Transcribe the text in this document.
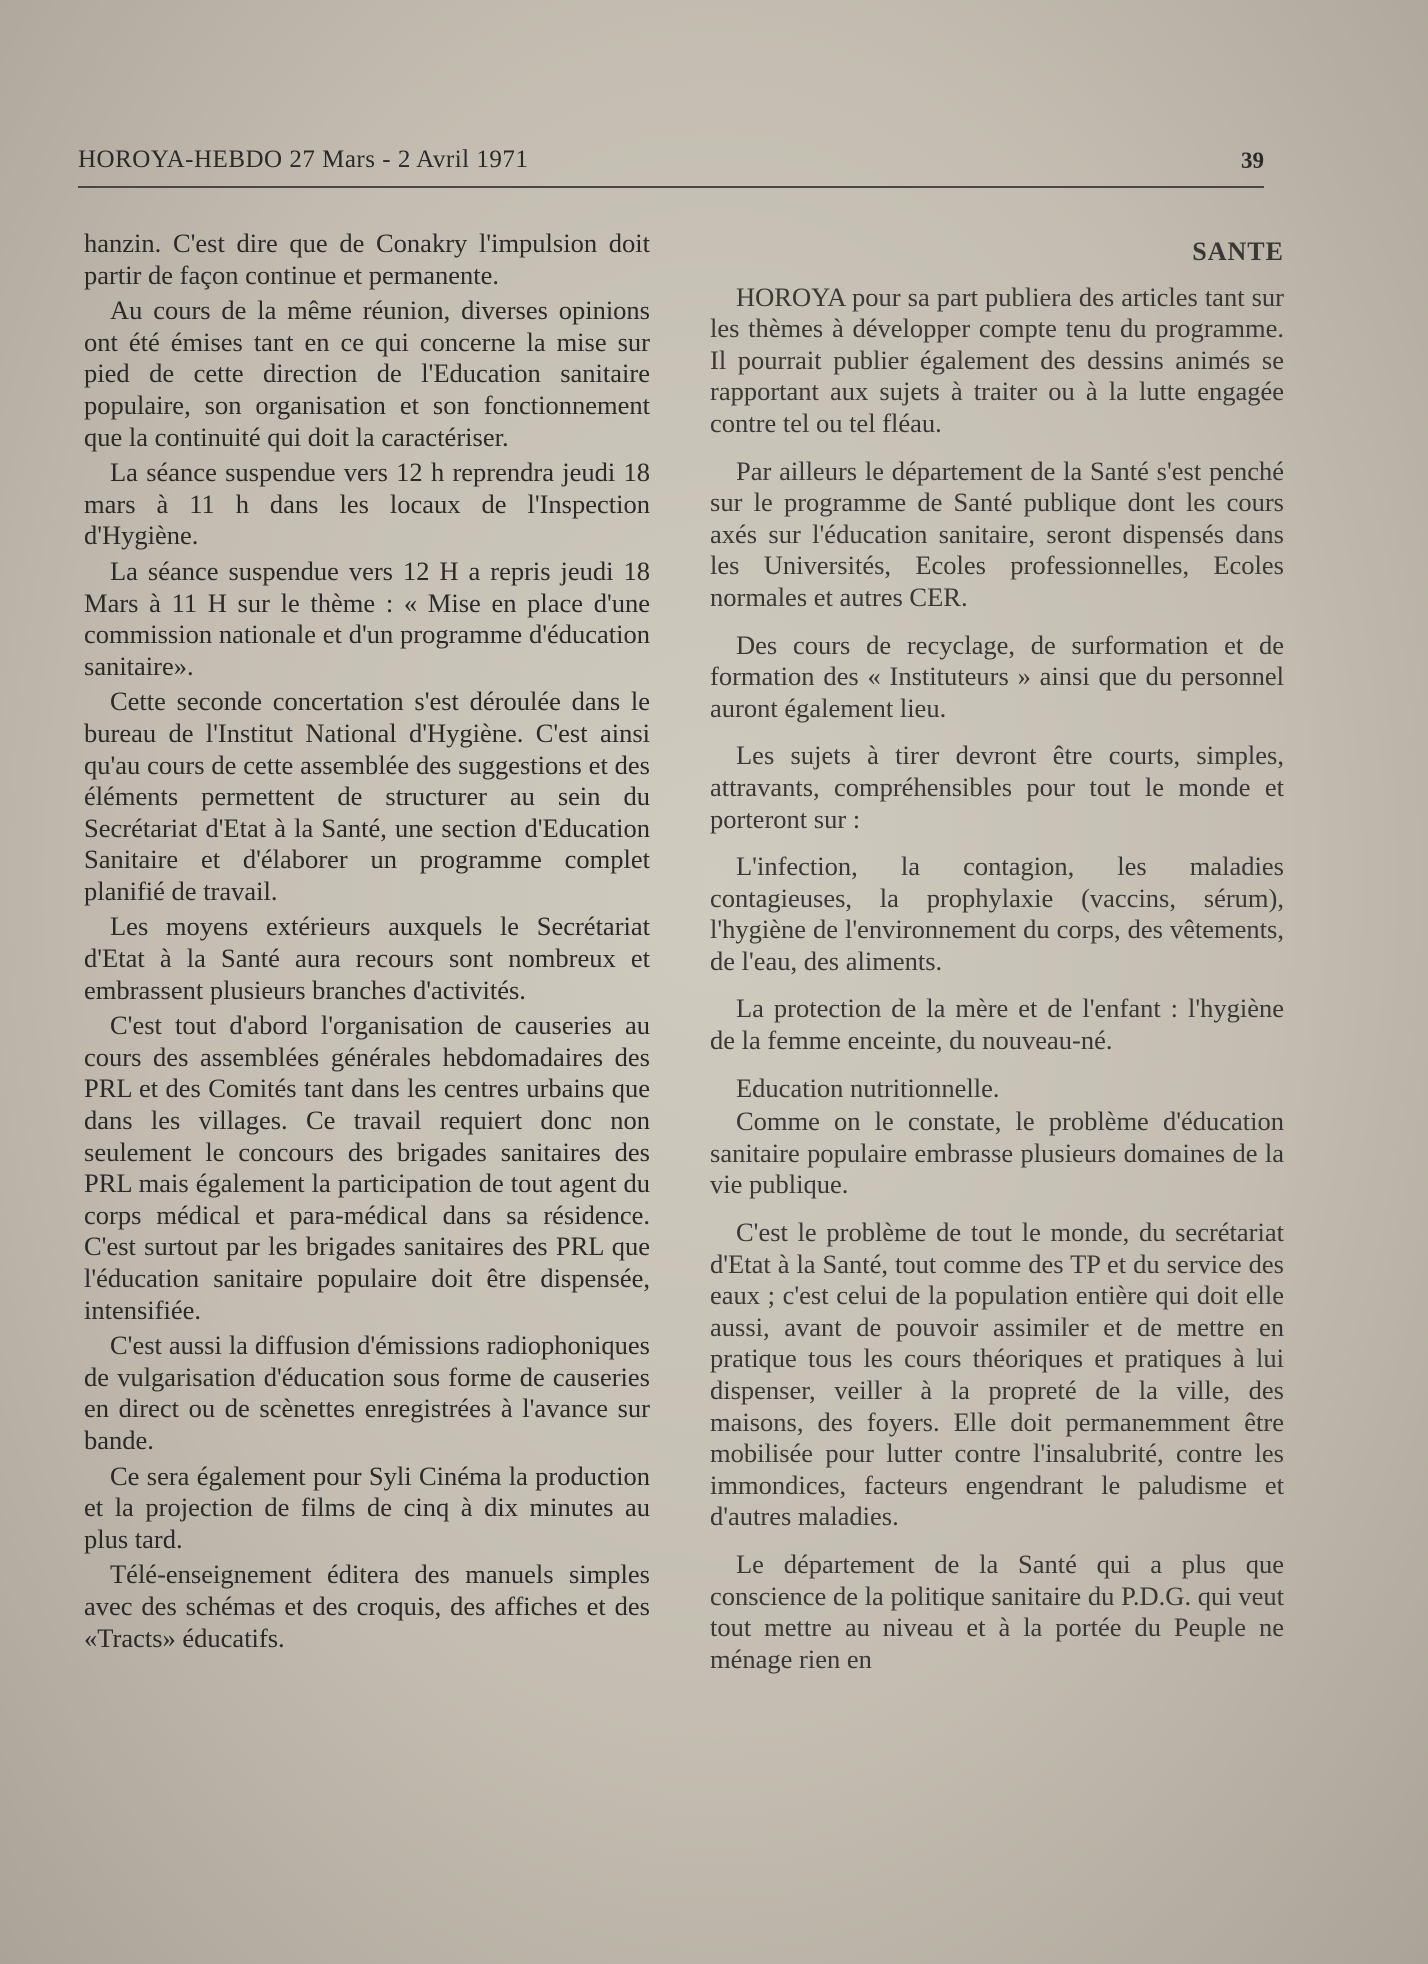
HOROYA-HEBDO 27 Mars - 2 Avril 1971	39

hanzin. C'est dire que de Conakry l'impulsion doit partir de façon continue et permanente.

Au cours de la même réunion, diverses opinions ont été émises tant en ce qui concerne la mise sur pied de cette direction de l'Education sanitaire populaire, son organisation et son fonctionnement que la continuité qui doit la caractériser.

La séance suspendue vers 12 h reprendra jeudi 18 mars à 11 h dans les locaux de l'Inspection d'Hygiène.

La séance suspendue vers 12 H a repris jeudi 18 Mars à 11 H sur le thème : « Mise en place d'une commission nationale et d'un programme d'éducation sanitaire».

Cette seconde concertation s'est déroulée dans le bureau de l'Institut National d'Hygiène. C'est ainsi qu'au cours de cette assemblée des suggestions et des éléments permettent de structurer au sein du Secrétariat d'Etat à la Santé, une section d'Education Sanitaire et d'élaborer un programme complet planifié de travail.

Les moyens extérieurs auxquels le Secrétariat d'Etat à la Santé aura recours sont nombreux et embrassent plusieurs branches d'activités.

C'est tout d'abord l'organisation de causeries au cours des assemblées générales hebdomadaires des PRL et des Comités tant dans les centres urbains que dans les villages. Ce travail requiert donc non seulement le concours des brigades sanitaires des PRL mais également la participation de tout agent du corps médical et para-médical dans sa résidence. C'est surtout par les brigades sanitaires des PRL que l'éducation sanitaire populaire doit être dispensée, intensifiée.

C'est aussi la diffusion d'émissions radiophoniques de vulgarisation d'éducation sous forme de causeries en direct ou de scènettes enregistrées à l'avance sur bande.

Ce sera également pour Syli Cinéma la production et la projection de films de cinq à dix minutes au plus tard.

Télé-enseignement éditera des manuels simples avec des schémas et des croquis, des affiches et des «Tracts» éducatifs.

SANTE

HOROYA pour sa part publiera des articles tant sur les thèmes à développer compte tenu du programme. Il pourrait publier également des dessins animés se rapportant aux sujets à traiter ou à la lutte engagée contre tel ou tel fléau.

Par ailleurs le département de la Santé s'est penché sur le programme de Santé publique dont les cours axés sur l'éducation sanitaire, seront dispensés dans les Universités, Ecoles professionnelles, Ecoles normales et autres CER.

Des cours de recyclage, de surformation et de formation des « Instituteurs » ainsi que du personnel auront également lieu.

Les sujets à tirer devront être courts, simples, attravants, compréhensibles pour tout le monde et porteront sur :

L'infection, la contagion, les maladies contagieuses, la prophylaxie (vaccins, sérum), l'hygiène de l'environnement du corps, des vêtements, de l'eau, des aliments.

La protection de la mère et de l'enfant : l'hygiène de la femme enceinte, du nouveau-né.

Education nutritionnelle.

Comme on le constate, le problème d'éducation sanitaire populaire embrasse plusieurs domaines de la vie publique.

C'est le problème de tout le monde, du secrétariat d'Etat à la Santé, tout comme des TP et du service des eaux ; c'est celui de la population entière qui doit elle aussi, avant de pouvoir assimiler et de mettre en pratique tous les cours théoriques et pratiques à lui dispenser, veiller à la propreté de la ville, des maisons, des foyers. Elle doit permanemment être mobilisée pour lutter contre l'insalubrité, contre les immondices, facteurs engendrant le paludisme et d'autres maladies.

Le département de la Santé qui a plus que conscience de la politique sanitaire du P.D.G. qui veut tout mettre au niveau et à la portée du Peuple ne ménage rien en
